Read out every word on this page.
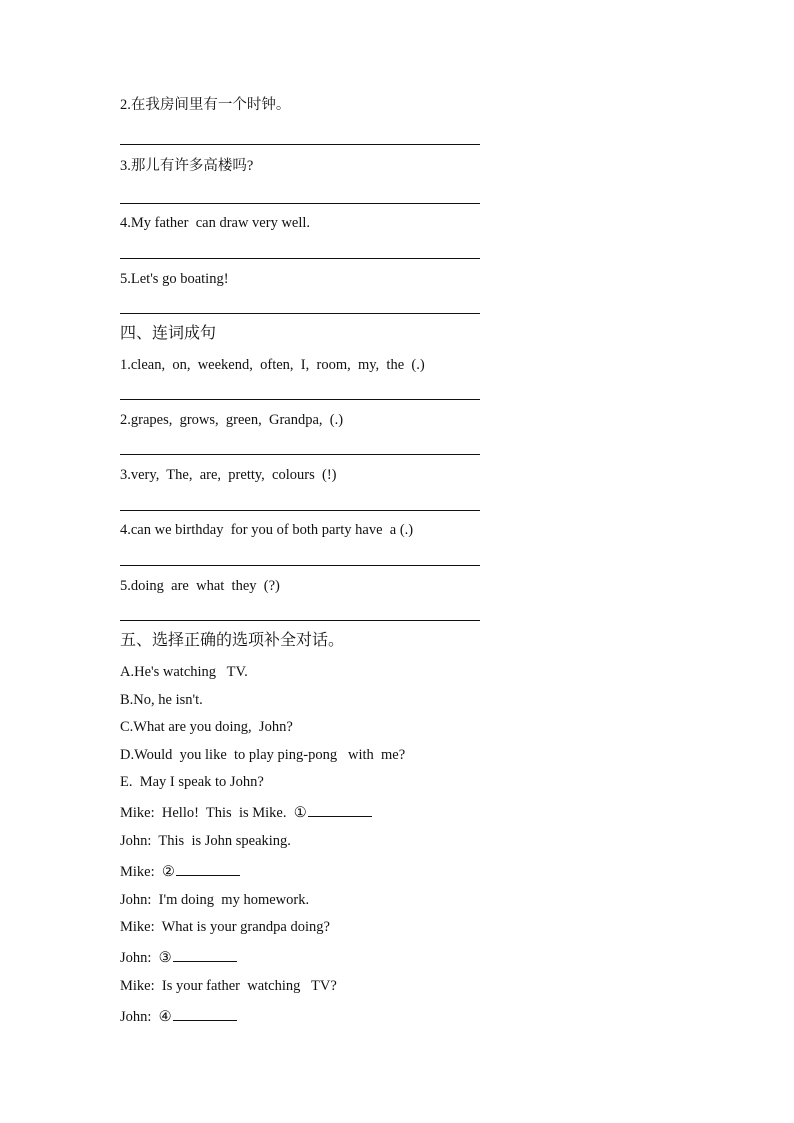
2.在我房间里有一个时钟。
3.那儿有许多高楼吗?
4.My father  can draw very well.
5.Let's go boating!
四、连词成句
1.clean,  on,  weekend,  often,  I,  room,  my,  the  (.)
2.grapes,  grows,  green,  Grandpa,  (.)
3.very,  The,  are,  pretty,  colours  (!)
4.can we birthday  for you of both party have  a (.)
5.doing  are  what  they  (?)
五、选择正确的选项补全对话。
A.He's watching   TV.
B.No, he isn't.
C.What are you doing,  John?
D.Would  you like  to play ping-pong   with  me?
E.  May I speak to John?
Mike:  Hello!  This  is Mike.  ①
John:  This  is John speaking.
Mike:  ②
John:  I'm doing  my homework.
Mike:  What is your grandpa doing?
John:  ③
Mike:  Is your father  watching   TV?
John:  ④
